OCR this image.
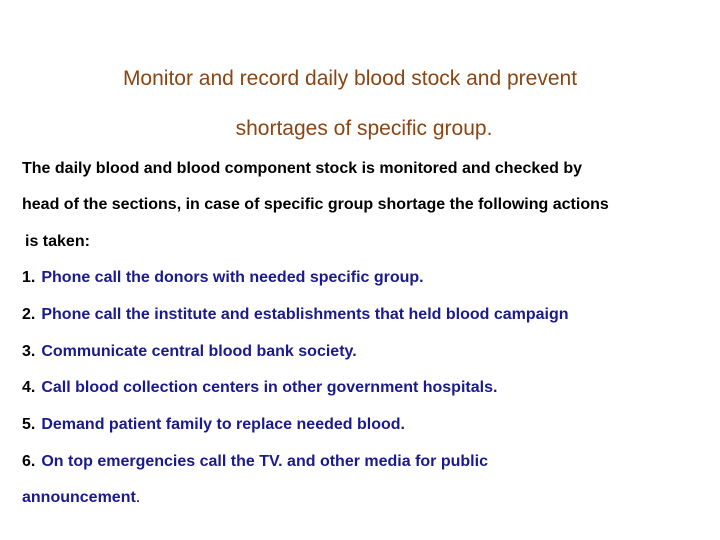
Monitor and record daily blood stock and prevent
shortages of specific group.

The daily blood and blood component stock is monitored and checked by

head of the sections, in case of specific group shortage the following actions

is taken:

1. Phone call the donors with needed specific group.

2. Phone call the institute and establishments that held blood campaign

3. Communicate central blood bank society.

4. Call blood collection centers in other government hospitals.

5. Demand patient family to replace needed blood.

6. On top emergencies call the TV. and other media for public

announcement.
